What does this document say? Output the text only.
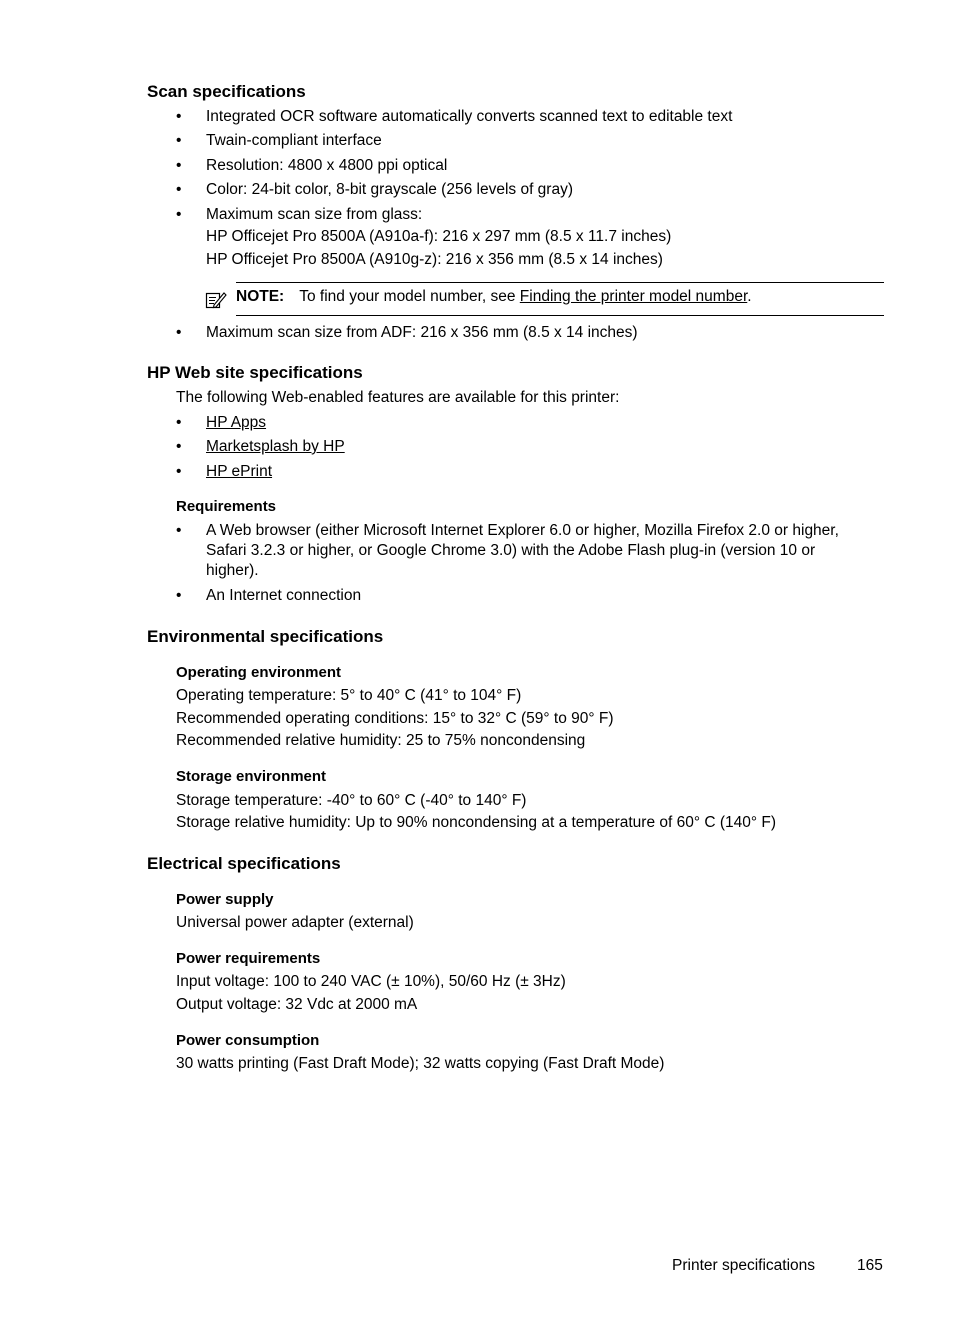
Scan specifications
• Integrated OCR software automatically converts scanned text to editable text
• Twain-compliant interface
• Resolution: 4800 x 4800 ppi optical
• Color: 24-bit color, 8-bit grayscale (256 levels of gray)
• Maximum scan size from glass:
HP Officejet Pro 8500A (A910a-f): 216 x 297 mm (8.5 x 11.7 inches)
HP Officejet Pro 8500A (A910g-z): 216 x 356 mm (8.5 x 14 inches)
NOTE: To find your model number, see Finding the printer model number.
• Maximum scan size from ADF: 216 x 356 mm (8.5 x 14 inches)
HP Web site specifications
The following Web-enabled features are available for this printer:
• HP Apps
• Marketsplash by HP
• HP ePrint
Requirements
• A Web browser (either Microsoft Internet Explorer 6.0 or higher, Mozilla Firefox 2.0 or higher,
Safari 3.2.3 or higher, or Google Chrome 3.0) with the Adobe Flash plug-in (version 10 or
higher).
• An Internet connection
Environmental specifications
Operating environment
Operating temperature: 5° to 40° C (41° to 104° F)
Recommended operating conditions: 15° to 32° C (59° to 90° F)
Recommended relative humidity: 25 to 75% noncondensing
Storage environment
Storage temperature: -40° to 60° C (-40° to 140° F)
Storage relative humidity: Up to 90% noncondensing at a temperature of 60° C (140° F)
Electrical specifications
Power supply
Universal power adapter (external)
Power requirements
Input voltage: 100 to 240 VAC (± 10%), 50/60 Hz (± 3Hz)
Output voltage: 32 Vdc at 2000 mA
Power consumption
30 watts printing (Fast Draft Mode); 32 watts copying (Fast Draft Mode)
Printer specifications	165
